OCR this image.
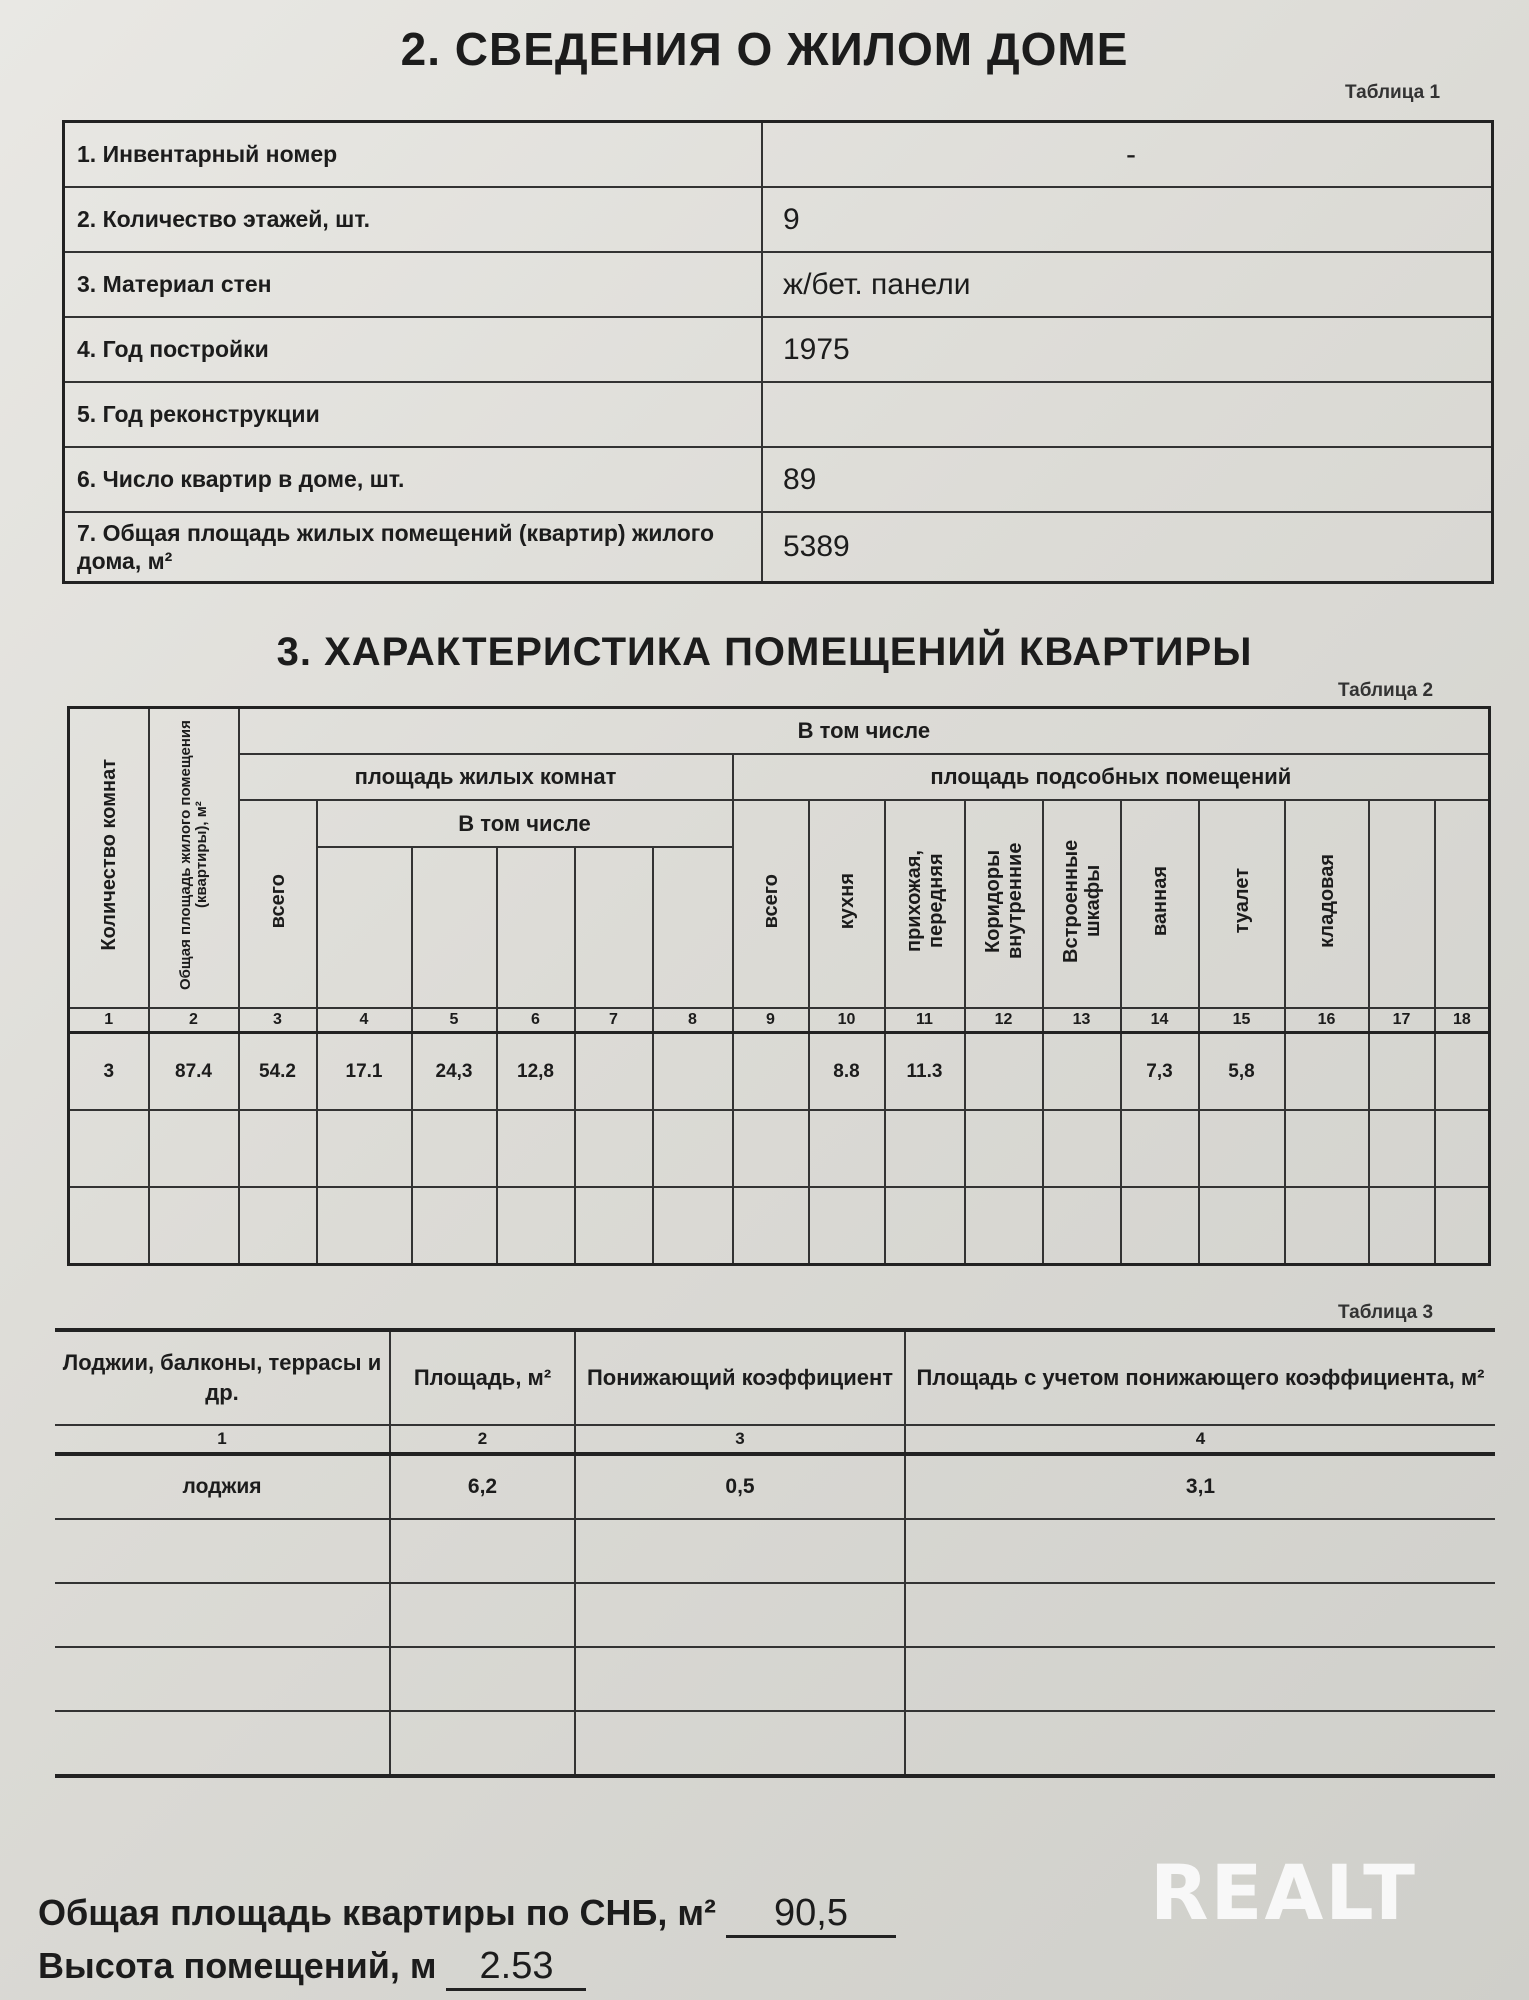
2. СВЕДЕНИЯ О ЖИЛОМ ДОМЕ
Таблица 1
1. Инвентарный номер	-
2. Количество этажей, шт.	9
3. Материал стен	ж/бет. панели
4. Год постройки	1975
5. Год реконструкции	
6. Число квартир в доме, шт.	89
7. Общая площадь жилых помещений (квартир) жилого дома, м²	5389
3. ХАРАКТЕРИСТИКА ПОМЕЩЕНИЙ КВАРТИРЫ
Таблица 2
Количество комнат	Общая площадь жилого помещения (квартиры), м²	В том числе															
		площадь жилых комнат						площадь подсобных помещений									
		всего	В том числе					всего	кухня	прихожая, передняя	Коридоры внутренние	Встроенные шкафы	ванная	туалет	кладовая		

1	2	3	4	5	6	7	8	9	10	11	12	13	14	15	16	17	18
3	87.4	54.2	17.1	24,3	12,8				8.8	11.3			7,3	5,8			

Таблица 3
Лоджии, балконы, террасы и др.	Площадь, м²	Понижающий коэффициент	Площадь с учетом понижающего коэффициента, м²
1	2	3	4
лоджия	6,2	0,5	3,1

Общая площадь квартиры по СНБ, м² 90,5
Высота помещений, м 2.53
REALT
